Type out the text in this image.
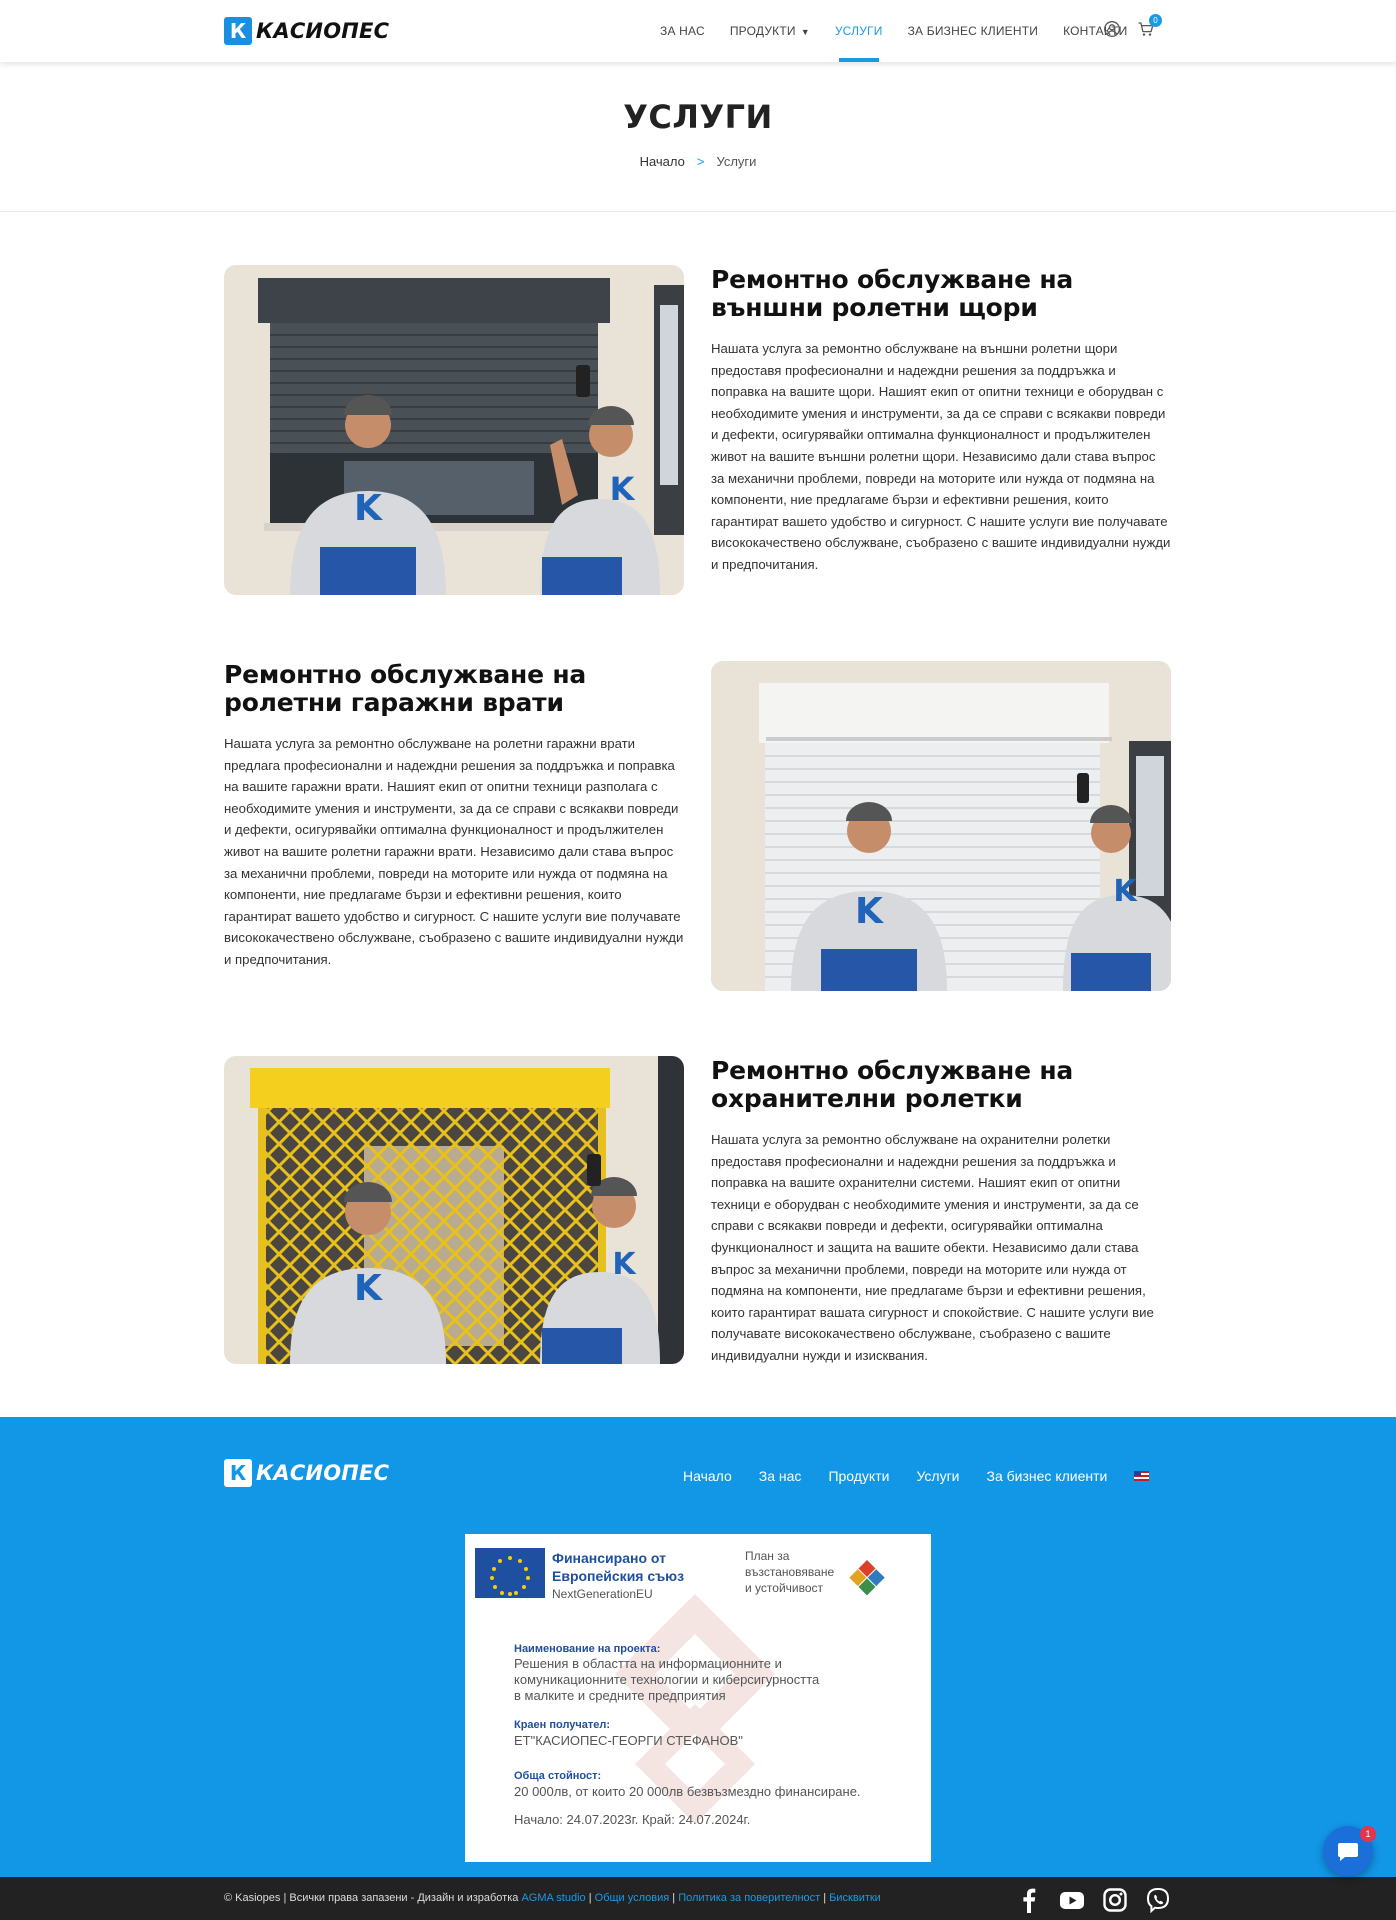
К КАСИОПЕС	ЗА НАС ПРОДУКТИ ▼ УСЛУГИ ЗА БИЗНЕС КЛИЕНТИ КОНТАКТИ
0
УСЛУГИ
Начало > Услуги
K	K
Ремонтно обслужване на външни ролетни щори

Нашата услуга за ремонтно обслужване на външни ролетни щори предоставя професионални и надеждни решения за поддръжка и поправка на вашите щори. Нашият екип от опитни техници е оборудван с необходимите умения и инструменти, за да се справи с всякакви повреди и дефекти, осигурявайки оптимална функционалност и продължителен живот на вашите външни ролетни щори. Независимо дали става въпрос за механични проблеми, повреди на моторите или нужда от подмяна на компоненти, ние предлагаме бързи и ефективни решения, които гарантират вашето удобство и сигурност. С нашите услуги вие получавате висококачествено обслужване, съобразено с вашите индивидуални нужди и предпочитания.

Ремонтно обслужване на ролетни гаражни врати

Нашата услуга за ремонтно обслужване на ролетни гаражни врати предлага професионални и надеждни решения за поддръжка и поправка на вашите гаражни врати. Нашият екип от опитни техници разполага с необходимите умения и инструменти, за да се справи с всякакви повреди и дефекти, осигурявайки оптимална функционалност и продължителен живот на вашите ролетни гаражни врати. Независимо дали става въпрос за механични проблеми, повреди на моторите или нужда от подмяна на компоненти, ние предлагаме бързи и ефективни решения, които гарантират вашето удобство и сигурност. С нашите услуги вие получавате висококачествено обслужване, съобразено с вашите индивидуални нужди и предпочитания.

K	K
K
K
Ремонтно обслужване на охранителни ролетки

Нашата услуга за ремонтно обслужване на охранителни ролетки предоставя професионални и надеждни решения за поддръжка и поправка на вашите охранителни системи. Нашият екип от опитни техници е оборудван с необходимите умения и инструменти, за да се справи с всякакви повреди и дефекти, осигурявайки оптимална функционалност и защита на вашите обекти. Независимо дали става въпрос за механични проблеми, повреди на моторите или нужда от подмяна на компоненти, ние предлагаме бързи и ефективни решения, които гарантират вашата сигурност и спокойствие. С нашите услуги вие получавате висококачествено обслужване, съобразено с вашите индивидуални нужди и изисквания.

К КАСИОПЕС	Начало За нас Продукти Услуги За бизнес клиенти
Финансирано от
Европейския съюз
NextGenerationEU
План за
възстановяване
и устойчивост
Наименование на проекта:
Решения в областта на информационните и
комуникационните технологии и киберсигурността
в малките и средните предприятия
Краен получател:
ЕТ"КАСИОПЕС-ГЕОРГИ СТЕФАНОВ"
Обща стойност:
20 000лв, от които 20 000лв безвъзмездно финансиране.
Начало: 24.07.2023г. Край: 24.07.2024г.
© Kasiopes | Всички права запазени - Дизайн и изработка AGMA studio | Общи условия | Политика за поверителност | Бисквитки
1
